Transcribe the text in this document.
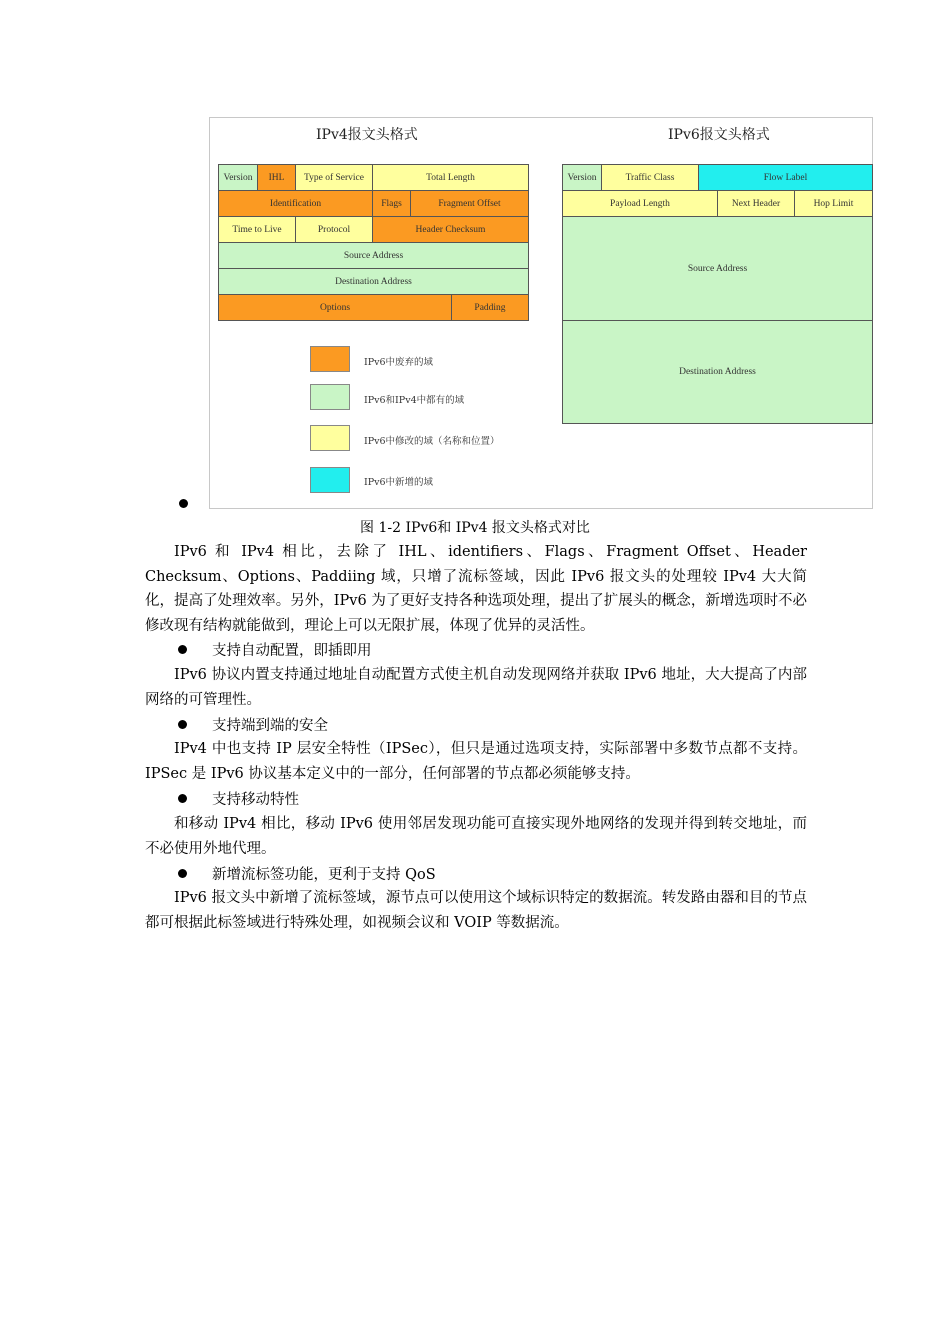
IPv4报文头格式	IPv6报文头格式
Version	IHL	Type of Service	Total Length
Identification	Flags	Fragment Offset
Time to Live	Protocol	Header Checksum
Source Address
Destination Address
Options	Padding
Version	Traffic Class	Flow Label
Payload Length	Next Header	Hop Limit
Source Address
Destination Address
IPv6中废弃的域
IPv6和IPv4中都有的域
IPv6中修改的域（名称和位置）
IPv6中新增的域
图 1-2 IPv6和 IPv4 报文头格式对比

IPv6 和 IPv4 相比，去除了 IHL、identifiers、Flags、Fragment Offset、Header Checksum、Options、Paddiing 域，只增了流标签域，因此 IPv6 报文头的处理较 IPv4 大大简化，提高了处理效率。另外，IPv6 为了更好支持各种选项处理，提出了扩展头的概念，新增选项时不必修改现有结构就能做到，理论上可以无限扩展，体现了优异的灵活性。

支持自动配置，即插即用

IPv6 协议内置支持通过地址自动配置方式使主机自动发现网络并获取 IPv6 地址，大大提高了内部网络的可管理性。

支持端到端的安全

IPv4 中也支持 IP 层安全特性（IPSec），但只是通过选项支持，实际部署中多数节点都不支持。IPSec 是 IPv6 协议基本定义中的一部分，任何部署的节点都必须能够支持。

支持移动特性

和移动 IPv4 相比，移动 IPv6 使用邻居发现功能可直接实现外地网络的发现并得到转交地址，而不必使用外地代理。

新增流标签功能，更利于支持 QoS

IPv6 报文头中新增了流标签域，源节点可以使用这个域标识特定的数据流。转发路由器和目的节点都可根据此标签域进行特殊处理，如视频会议和 VOIP 等数据流。
